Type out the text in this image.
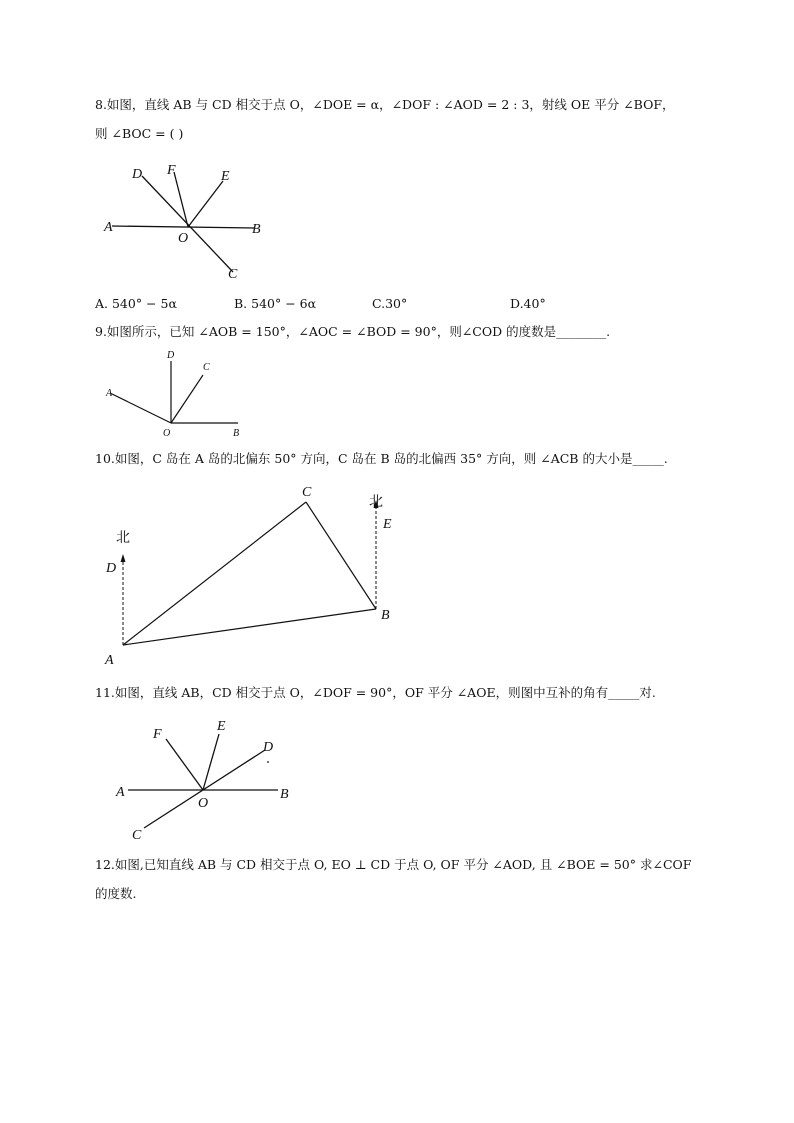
8.如图，直线 AB 与 CD 相交于点 O，∠DOE = α，∠DOF : ∠AOD = 2 : 3，射线 OE 平分 ∠BOF，
则 ∠BOC = ( )
D F	E
A
O
B
C
A. 540° − 5α	B. 540° − 6α	C.30°	D.40°
9.如图所示，已知 ∠AOB = 150°，∠AOC = ∠BOD = 90°，则∠COD 的度数是________.
D
C
A
O	B
10.如图，C 岛在 A 岛的北偏东 50° 方向，C 岛在 B 岛的北偏西 35° 方向，则 ∠ACB 的大小是_____.
C
北
北
E
D
B
A
11.如图，直线 AB，CD 相交于点 O，∠DOF = 90°，OF 平分 ∠AOE，则图中互补的角有_____对.
F
E
D
A
O
B
C
12.如图,已知直线 AB 与 CD 相交于点 O, EO ⊥ CD 于点 O, OF 平分 ∠AOD, 且 ∠BOE = 50° 求∠COF
的度数.
